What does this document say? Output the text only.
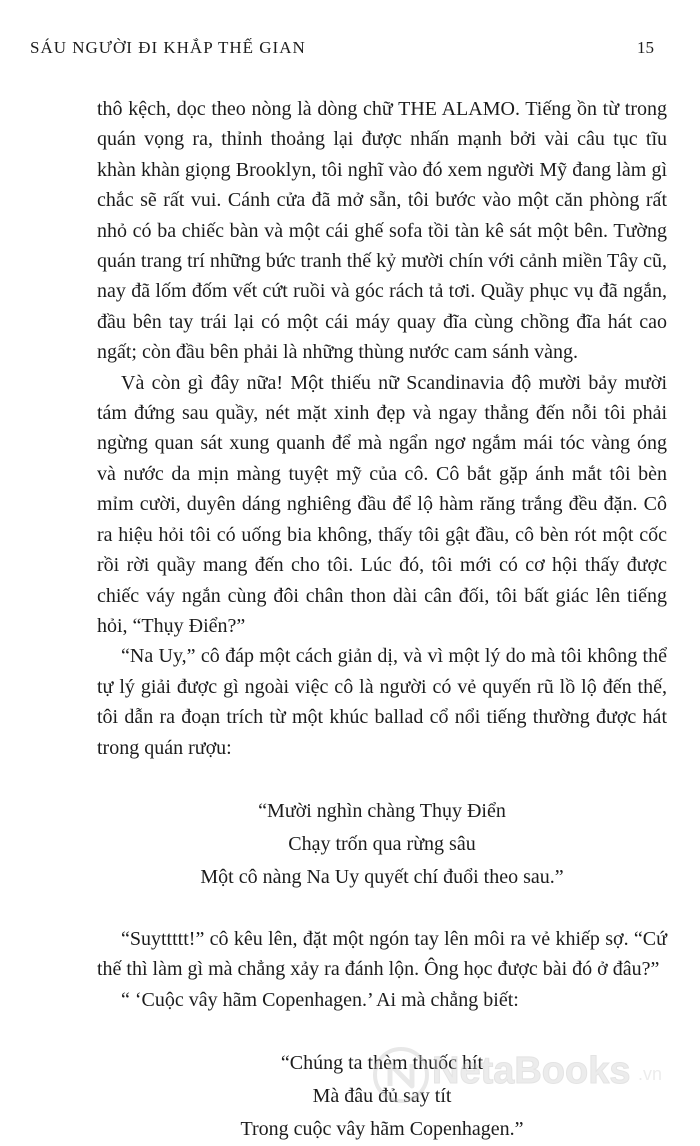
SÁU NGƯỜI ĐI KHẮP THẾ GIAN	15

thô kệch, dọc theo nòng là dòng chữ THE ALAMO. Tiếng ồn từ trong quán vọng ra, thỉnh thoảng lại được nhấn mạnh bởi vài câu tục tĩu khàn khàn giọng Brooklyn, tôi nghĩ vào đó xem người Mỹ đang làm gì chắc sẽ rất vui. Cánh cửa đã mở sẵn, tôi bước vào một căn phòng rất nhỏ có ba chiếc bàn và một cái ghế sofa tồi tàn kê sát một bên. Tường quán trang trí những bức tranh thế kỷ mười chín với cảnh miền Tây cũ, nay đã lốm đốm vết cứt ruồi và góc rách tả tơi. Quầy phục vụ đã ngắn, đầu bên tay trái lại có một cái máy quay đĩa cùng chồng đĩa hát cao ngất; còn đầu bên phải là những thùng nước cam sánh vàng.

Và còn gì đây nữa! Một thiếu nữ Scandinavia độ mười bảy mười tám đứng sau quầy, nét mặt xinh đẹp và ngay thẳng đến nỗi tôi phải ngừng quan sát xung quanh để mà ngẩn ngơ ngắm mái tóc vàng óng và nước da mịn màng tuyệt mỹ của cô. Cô bắt gặp ánh mắt tôi bèn mỉm cười, duyên dáng nghiêng đầu để lộ hàm răng trắng đều đặn. Cô ra hiệu hỏi tôi có uống bia không, thấy tôi gật đầu, cô bèn rót một cốc rồi rời quầy mang đến cho tôi. Lúc đó, tôi mới có cơ hội thấy được chiếc váy ngắn cùng đôi chân thon dài cân đối, tôi bất giác lên tiếng hỏi, “Thụy Điển?”

“Na Uy,” cô đáp một cách giản dị, và vì một lý do mà tôi không thể tự lý giải được gì ngoài việc cô là người có vẻ quyến rũ lồ lộ đến thế, tôi dẫn ra đoạn trích từ một khúc ballad cổ nổi tiếng thường được hát trong quán rượu:

“Mười nghìn chàng Thụy Điển
Chạy trốn qua rừng sâu
Một cô nàng Na Uy quyết chí đuổi theo sau.”

“Suyttttt!” cô kêu lên, đặt một ngón tay lên môi ra vẻ khiếp sợ. “Cứ thế thì làm gì mà chẳng xảy ra đánh lộn. Ông học được bài đó ở đâu?”

“ ‘Cuộc vây hãm Copenhagen.’ Ai mà chẳng biết:

“Chúng ta thèm thuốc hít
Mà đâu đủ say tít
Trong cuộc vây hãm Copenhagen.”
NetaBooks .vn
